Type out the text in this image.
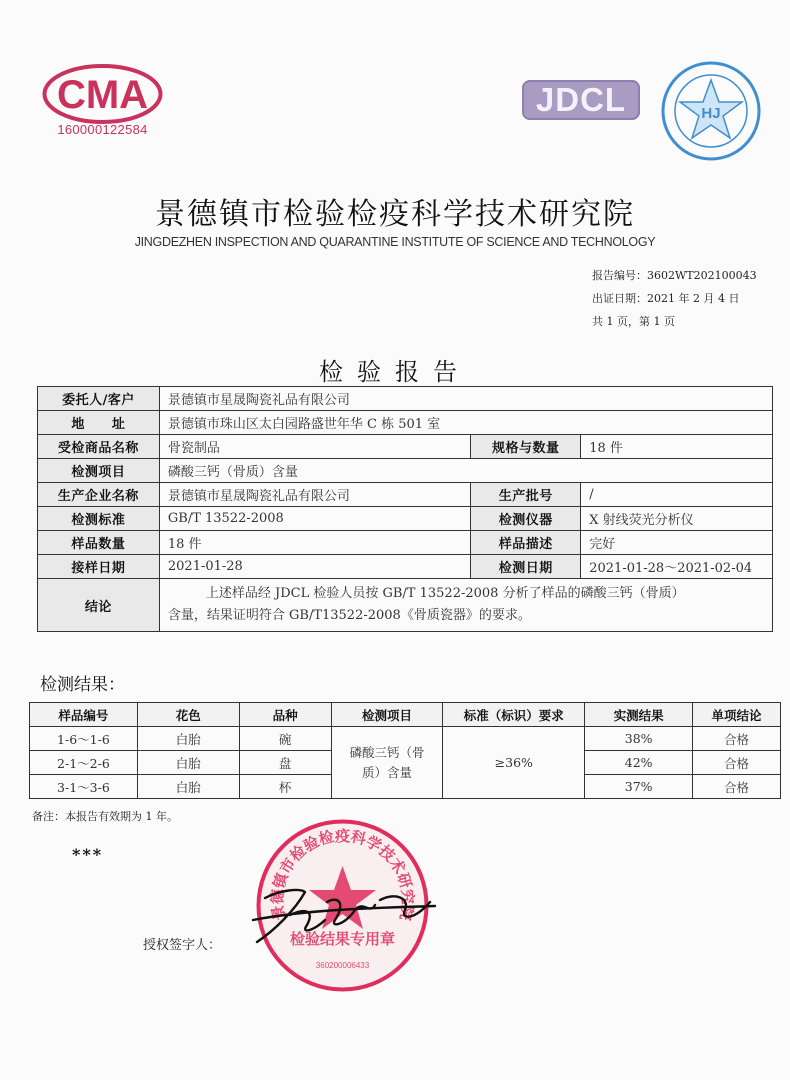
CMA
160000122584
JDCL	HJ
景德镇市检验检疫科学技术研究院
JINGDEZHEN INSPECTION AND QUARANTINE INSTITUTE OF SCIENCE AND TECHNOLOGY
报告编号：3602WT202100043
出证日期：2021 年 2 月 4 日
共 1 页，第 1 页
检验报告
委托人/客户	景德镇市星晟陶瓷礼品有限公司		
地　　址	景德镇市珠山区太白园路盛世年华 C 栋 501 室		
受检商品名称	骨瓷制品	规格与数量	18 件
检测项目	磷酸三钙（骨质）含量		
生产企业名称	景德镇市星晟陶瓷礼品有限公司	生产批号	/
检测标准	GB/T 13522-2008	检测仪器	X 射线荧光分析仪
样品数量	18 件	样品描述	完好
接样日期	2021-01-28	检测日期	2021-01-28～2021-02-04
结论	上述样品经 JDCL 检验人员按 GB/T 13522-2008 分析了样品的磷酸三钙（骨质）
含量，结果证明符合 GB/T13522-2008《骨质瓷器》的要求。		
检测结果：
样品编号	花色	品种	检测项目	标准（标识）要求	实测结果	单项结论
1-6～1-6	白胎	碗	磷酸三钙（骨质）含量	≥36%	38%	合格
2-1～2-6	白胎	盘			42%	合格
3-1～3-6	白胎	杯			37%	合格
备注：本报告有效期为 1 年。
***
授权签字人：
景德镇市检验检疫科学技术研究院
检验结果专用章
360200006433
